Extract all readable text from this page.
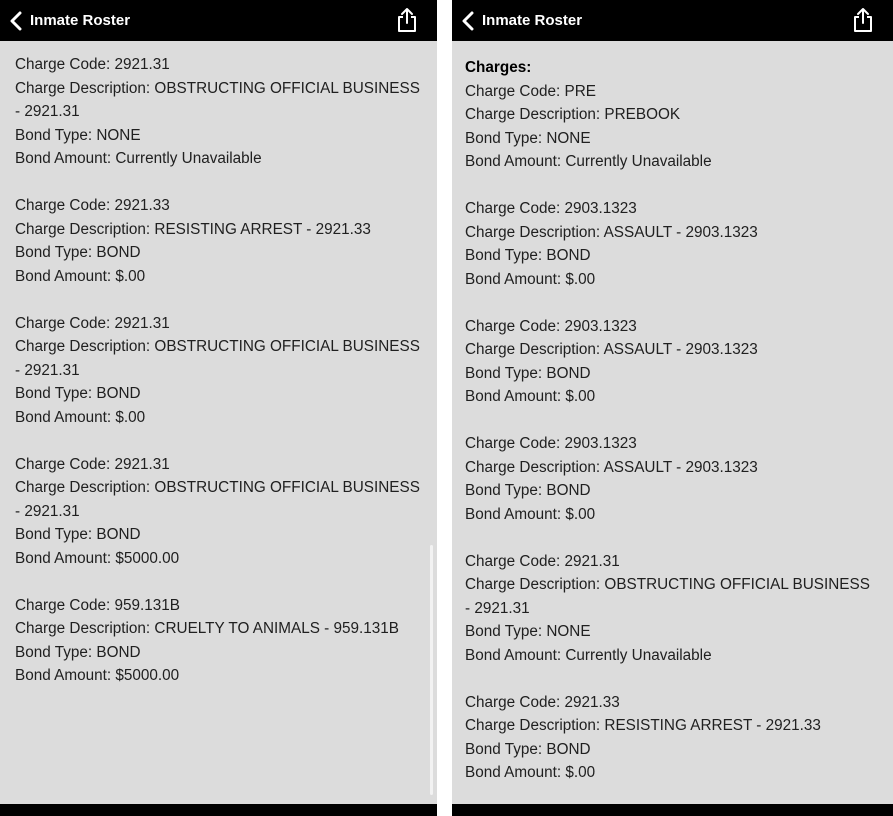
Inmate Roster
Charge Code: 2921.31
Charge Description: OBSTRUCTING OFFICIAL BUSINESS - 2921.31
Bond Type: NONE
Bond Amount: Currently Unavailable
Charge Code: 2921.33
Charge Description: RESISTING ARREST - 2921.33
Bond Type: BOND
Bond Amount: $.00
Charge Code: 2921.31
Charge Description: OBSTRUCTING OFFICIAL BUSINESS - 2921.31
Bond Type: BOND
Bond Amount: $.00
Charge Code: 2921.31
Charge Description: OBSTRUCTING OFFICIAL BUSINESS - 2921.31
Bond Type: BOND
Bond Amount: $5000.00
Charge Code: 959.131B
Charge Description: CRUELTY TO ANIMALS - 959.131B
Bond Type: BOND
Bond Amount: $5000.00
Inmate Roster
Charges:
Charge Code: PRE
Charge Description: PREBOOK
Bond Type: NONE
Bond Amount: Currently Unavailable
Charge Code: 2903.1323
Charge Description: ASSAULT - 2903.1323
Bond Type: BOND
Bond Amount: $.00
Charge Code: 2903.1323
Charge Description: ASSAULT - 2903.1323
Bond Type: BOND
Bond Amount: $.00
Charge Code: 2903.1323
Charge Description: ASSAULT - 2903.1323
Bond Type: BOND
Bond Amount: $.00
Charge Code: 2921.31
Charge Description: OBSTRUCTING OFFICIAL BUSINESS - 2921.31
Bond Type: NONE
Bond Amount: Currently Unavailable
Charge Code: 2921.33
Charge Description: RESISTING ARREST - 2921.33
Bond Type: BOND
Bond Amount: $.00
